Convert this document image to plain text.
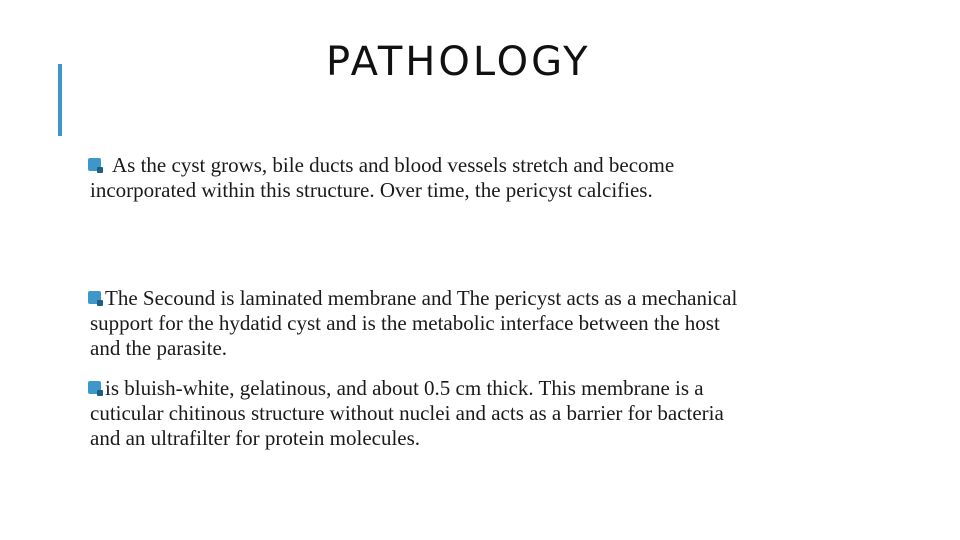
PATHOLOGY
As the cyst grows, bile ducts and blood vessels stretch and become incorporated within this structure. Over time, the pericyst calcifies.
The Secound is laminated membrane and The pericyst acts as a mechanical support for the hydatid cyst and is the metabolic interface between the host and the parasite.
is bluish-white, gelatinous, and about 0.5 cm thick. This membrane is a cuticular chitinous structure without nuclei and acts as a barrier for bacteria and an ultrafilter for protein molecules.
